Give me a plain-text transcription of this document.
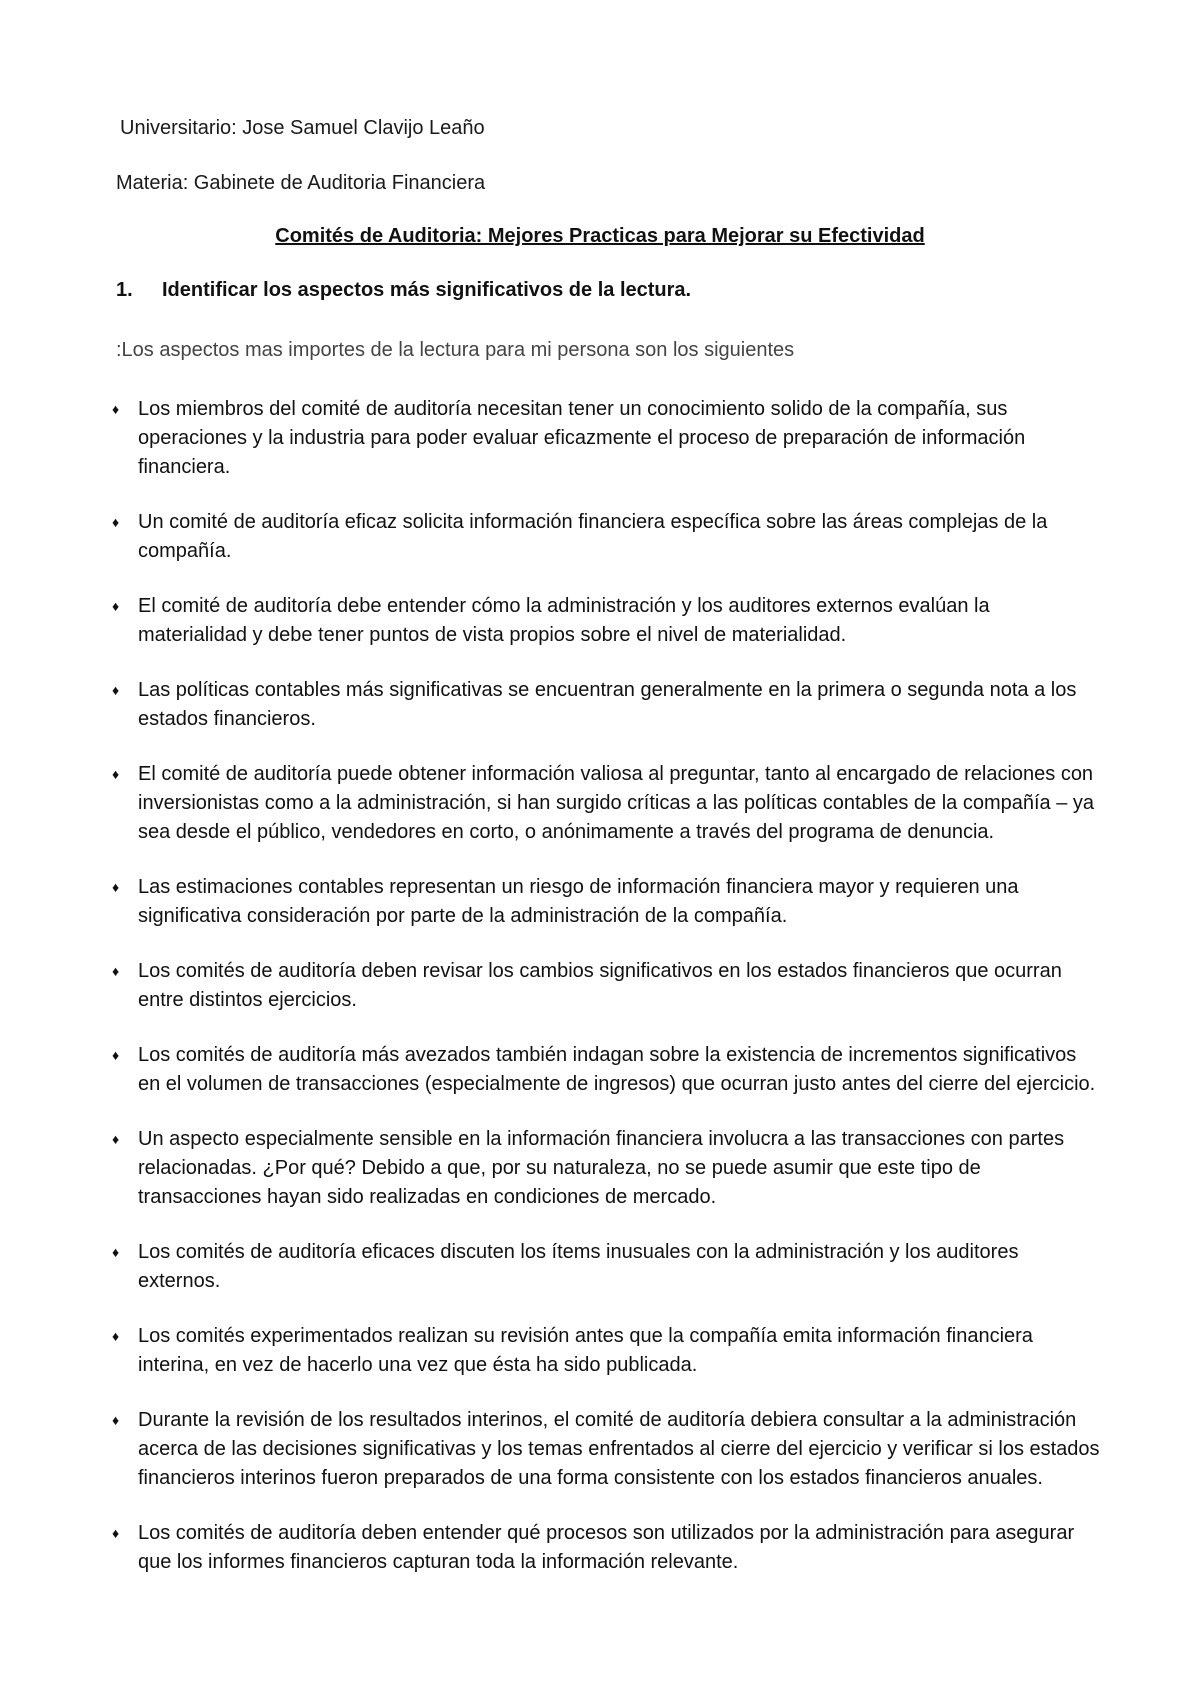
Universitario: Jose Samuel Clavijo Leaño
Materia: Gabinete de Auditoria Financiera
Comités de Auditoria: Mejores Practicas para Mejorar su Efectividad
1. Identificar los aspectos más significativos de la lectura.
:Los aspectos mas importes de la lectura para mi persona son los siguientes
♦ Los miembros del comité de auditoría necesitan tener un conocimiento solido de la compañía, sus operaciones y la industria para poder evaluar eficazmente el proceso de preparación de información financiera.
♦ Un comité de auditoría eficaz solicita información financiera específica sobre las áreas complejas de la compañía.
♦ El comité de auditoría debe entender cómo la administración y los auditores externos evalúan la materialidad y debe tener puntos de vista propios sobre el nivel de materialidad.
♦ Las políticas contables más significativas se encuentran generalmente en la primera o segunda nota a los estados financieros.
♦ El comité de auditoría puede obtener información valiosa al preguntar, tanto al encargado de relaciones con inversionistas como a la administración, si han surgido críticas a las políticas contables de la compañía – ya sea desde el público, vendedores en corto, o anónimamente a través del programa de denuncia.
♦ Las estimaciones contables representan un riesgo de información financiera mayor y requieren una significativa consideración por parte de la administración de la compañía.
♦ Los comités de auditoría deben revisar los cambios significativos en los estados financieros que ocurran entre distintos ejercicios.
♦ Los comités de auditoría más avezados también indagan sobre la existencia de incrementos significativos en el volumen de transacciones (especialmente de ingresos) que ocurran justo antes del cierre del ejercicio.
♦ Un aspecto especialmente sensible en la información financiera involucra a las transacciones con partes relacionadas. ¿Por qué? Debido a que, por su naturaleza, no se puede asumir que este tipo de transacciones hayan sido realizadas en condiciones de mercado.
♦ Los comités de auditoría eficaces discuten los ítems inusuales con la administración y los auditores externos.
♦ Los comités experimentados realizan su revisión antes que la compañía emita información financiera interina, en vez de hacerlo una vez que ésta ha sido publicada.
♦ Durante la revisión de los resultados interinos, el comité de auditoría debiera consultar a la administración acerca de las decisiones significativas y los temas enfrentados al cierre del ejercicio y verificar si los estados financieros interinos fueron preparados de una forma consistente con los estados financieros anuales.
♦ Los comités de auditoría deben entender qué procesos son utilizados por la administración para asegurar que los informes financieros capturan toda la información relevante.
